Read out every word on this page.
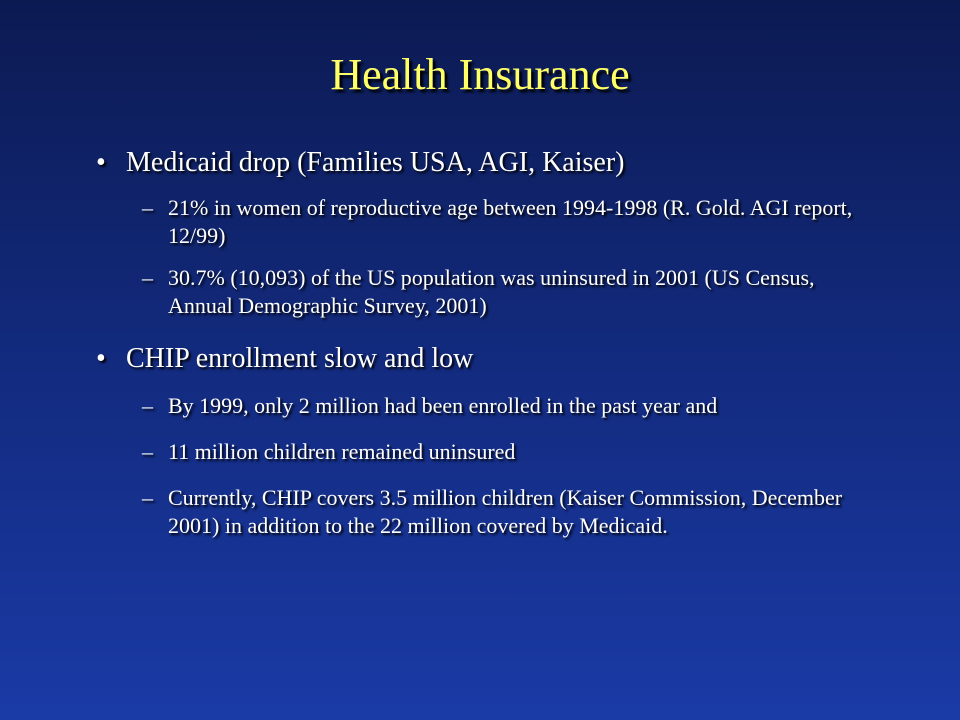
Health Insurance
• Medicaid drop (Families USA, AGI, Kaiser)
– 21% in women of reproductive age between 1994-1998 (R. Gold. AGI report, 12/99)
– 30.7% (10,093) of the US population was uninsured in 2001 (US Census, Annual Demographic Survey, 2001)
• CHIP enrollment slow and low
– By 1999, only 2 million had been enrolled in the past year and
– 11 million children remained uninsured
– Currently, CHIP covers 3.5 million children (Kaiser Commission, December 2001) in addition to the 22 million covered by Medicaid.
